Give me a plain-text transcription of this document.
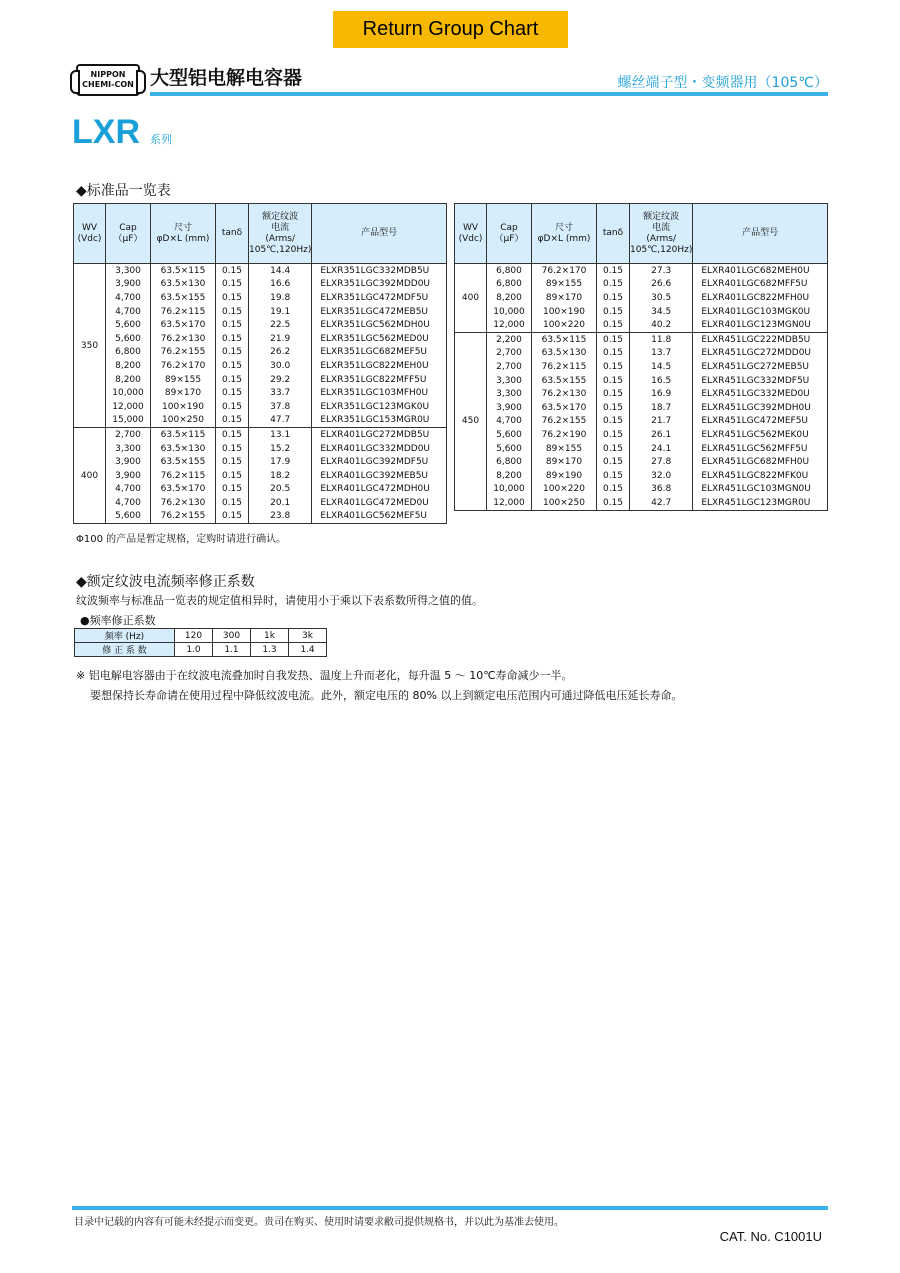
Return Group Chart
NIPPON
CHEMI-CON 大型铝电解电容器	螺丝端子型・变频器用（105℃）
LXR 系列
◆标准品一览表
WV
(Vdc)	Cap
（μF）	尺寸
φD×L (mm)	tanδ	额定纹波
电流
(Arms/
105℃,120Hz)	产品型号
350	3,300	63.5×115	0.15	14.4	ELXR351LGC332MDB5U
	3,900	63.5×130	0.15	16.6	ELXR351LGC392MDD0U
	4,700	63.5×155	0.15	19.8	ELXR351LGC472MDF5U
	4,700	76.2×115	0.15	19.1	ELXR351LGC472MEB5U
	5,600	63.5×170	0.15	22.5	ELXR351LGC562MDH0U
	5,600	76.2×130	0.15	21.9	ELXR351LGC562MED0U
	6,800	76.2×155	0.15	26.2	ELXR351LGC682MEF5U
	8,200	76.2×170	0.15	30.0	ELXR351LGC822MEH0U
	8,200	89×155	0.15	29.2	ELXR351LGC822MFF5U
	10,000	89×170	0.15	33.7	ELXR351LGC103MFH0U
	12,000	100×190	0.15	37.8	ELXR351LGC123MGK0U
	15,000	100×250	0.15	47.7	ELXR351LGC153MGR0U
400	2,700	63.5×115	0.15	13.1	ELXR401LGC272MDB5U
	3,300	63.5×130	0.15	15.2	ELXR401LGC332MDD0U
	3,900	63.5×155	0.15	17.9	ELXR401LGC392MDF5U
	3,900	76.2×115	0.15	18.2	ELXR401LGC392MEB5U
	4,700	63.5×170	0.15	20.5	ELXR401LGC472MDH0U
	4,700	76.2×130	0.15	20.1	ELXR401LGC472MED0U
	5,600	76.2×155	0.15	23.8	ELXR401LGC562MEF5U
WV
(Vdc)	Cap
（μF）	尺寸
φD×L (mm)	tanδ	额定纹波
电流
(Arms/
105℃,120Hz)	产品型号
400	6,800	76.2×170	0.15	27.3	ELXR401LGC682MEH0U
	6,800	89×155	0.15	26.6	ELXR401LGC682MFF5U
	8,200	89×170	0.15	30.5	ELXR401LGC822MFH0U
	10,000	100×190	0.15	34.5	ELXR401LGC103MGK0U
	12,000	100×220	0.15	40.2	ELXR401LGC123MGN0U
450	2,200	63.5×115	0.15	11.8	ELXR451LGC222MDB5U
	2,700	63.5×130	0.15	13.7	ELXR451LGC272MDD0U
	2,700	76.2×115	0.15	14.5	ELXR451LGC272MEB5U
	3,300	63.5×155	0.15	16.5	ELXR451LGC332MDF5U
	3,300	76.2×130	0.15	16.9	ELXR451LGC332MED0U
	3,900	63.5×170	0.15	18.7	ELXR451LGC392MDH0U
	4,700	76.2×155	0.15	21.7	ELXR451LGC472MEF5U
	5,600	76.2×190	0.15	26.1	ELXR451LGC562MEK0U
	5,600	89×155	0.15	24.1	ELXR451LGC562MFF5U
	6,800	89×170	0.15	27.8	ELXR451LGC682MFH0U
	8,200	89×190	0.15	32.0	ELXR451LGC822MFK0U
	10,000	100×220	0.15	36.8	ELXR451LGC103MGN0U
	12,000	100×250	0.15	42.7	ELXR451LGC123MGR0U
Φ100 的产品是暂定规格，定购时请进行确认。
◆额定纹波电流频率修正系数
纹波频率与标准品一览表的规定值相异时，请使用小于乘以下表系数所得之值的值。
●频率修正系数
频率 (Hz)	120	300	1k	3k
修 正 系 数	1.0	1.1	1.3	1.4
※ 铝电解电容器由于在纹波电流叠加时自我发热、温度上升而老化，每升温 5 ～ 10℃寿命减少一半。
要想保持长寿命请在使用过程中降低纹波电流。此外，额定电压的 80% 以上到额定电压范围内可通过降低电压延长寿命。
目录中记载的内容有可能未经提示而变更。贵司在购买、使用时请要求敝司提供规格书，并以此为基准去使用。
CAT. No. C1001U
